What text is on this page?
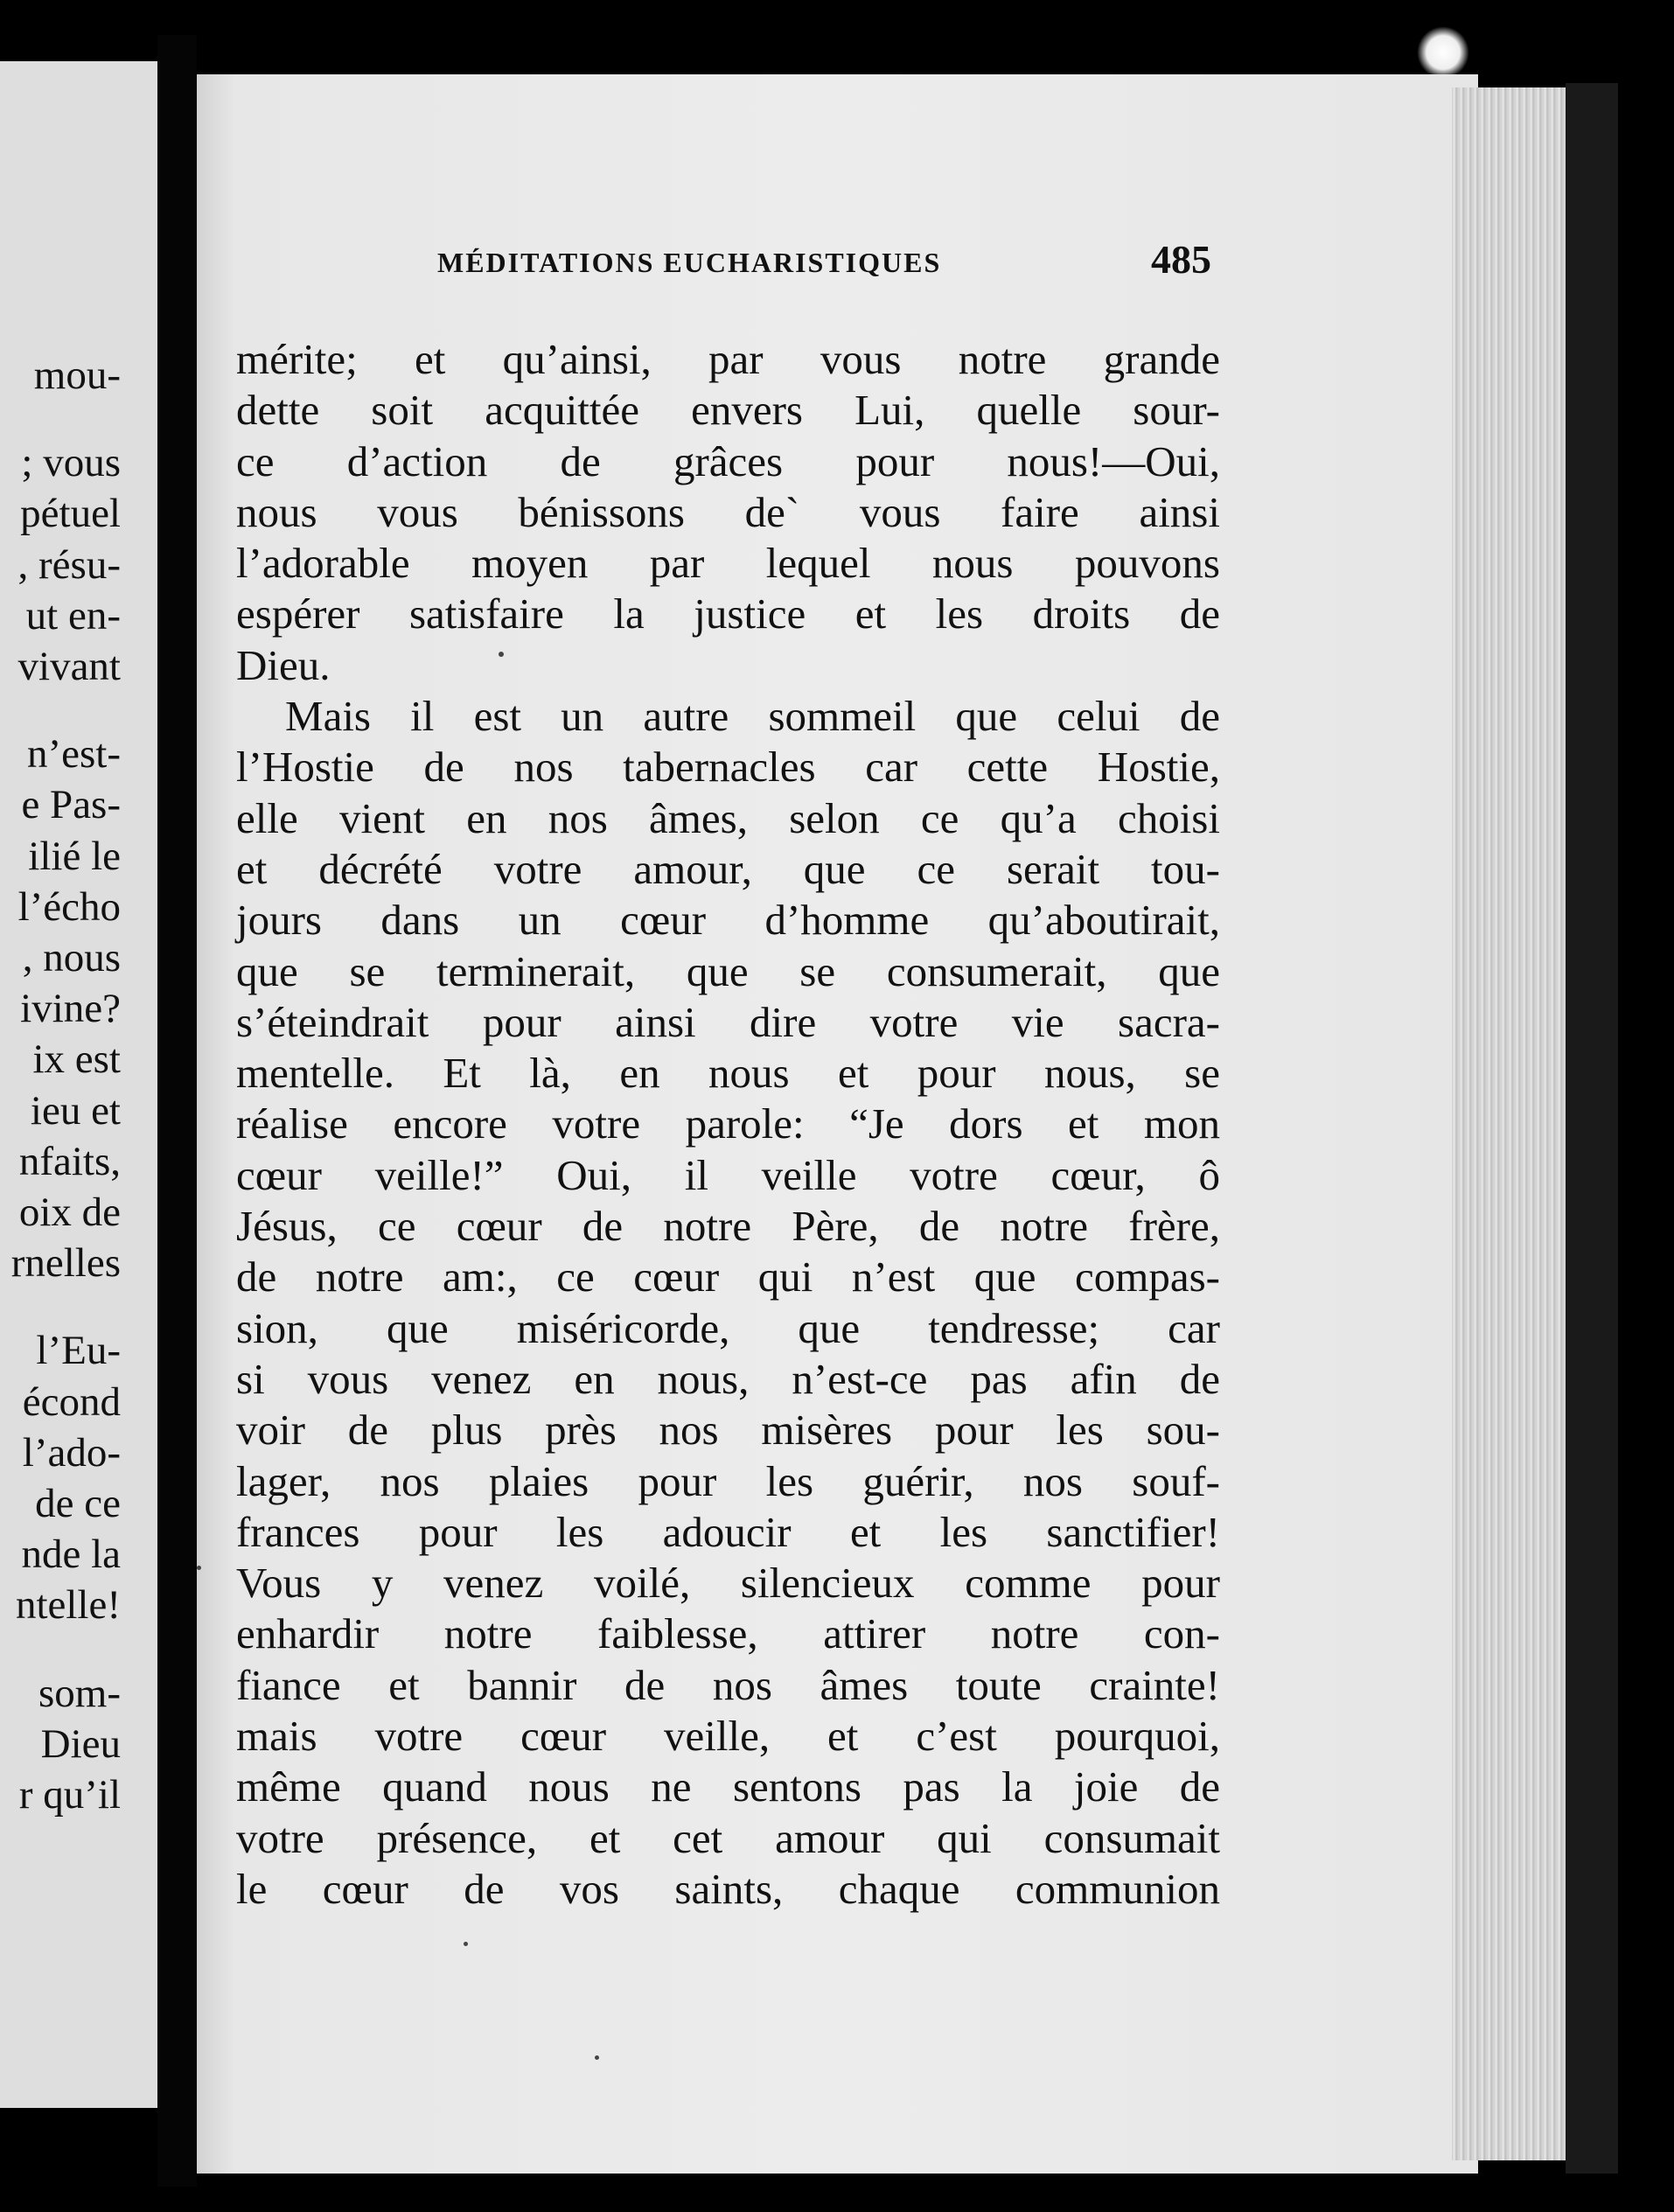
mou-
; vous
pétuel
, résu-
ut en-
vivant
n’est-
e Pas-
ilié le
l’écho
, nous
ivine?
ix est
ieu et
nfaits,
oix de
rnelles
l’Eu-
écond
l’ado-
de ce
nde la
ntelle!
som-
Dieu
r qu’il
MÉDITATIONS EUCHARISTIQUES	485
mérite; et qu’ainsi, par vous notre grande
dette soit acquittée envers Lui, quelle sour-
ce d’action de grâces pour nous!—Oui,
nous vous bénissons de` vous faire ainsi
l’adorable moyen par lequel nous pouvons
espérer satisfaire la justice et les droits de
Dieu.
Mais il est un autre sommeil que celui de
l’Hostie de nos tabernacles car cette Hostie,
elle vient en nos âmes, selon ce qu’a choisi
et décrété votre amour, que ce serait tou-
jours dans un cœur d’homme qu’aboutirait,
que se terminerait, que se consumerait, que
s’éteindrait pour ainsi dire votre vie sacra-
mentelle. Et là, en nous et pour nous, se
réalise encore votre parole: “Je dors et mon
cœur veille!” Oui, il veille votre cœur, ô
Jésus, ce cœur de notre Père, de notre frère,
de notre am:, ce cœur qui n’est que compas-
sion, que miséricorde, que tendresse; car
si vous venez en nous, n’est-ce pas afin de
voir de plus près nos misères pour les sou-
lager, nos plaies pour les guérir, nos souf-
frances pour les adoucir et les sanctifier!
Vous y venez voilé, silencieux comme pour
enhardir notre faiblesse, attirer notre con-
fiance et bannir de nos âmes toute crainte!
mais votre cœur veille, et c’est pourquoi,
même quand nous ne sentons pas la joie de
votre présence, et cet amour qui consumait
le cœur de vos saints, chaque communion
